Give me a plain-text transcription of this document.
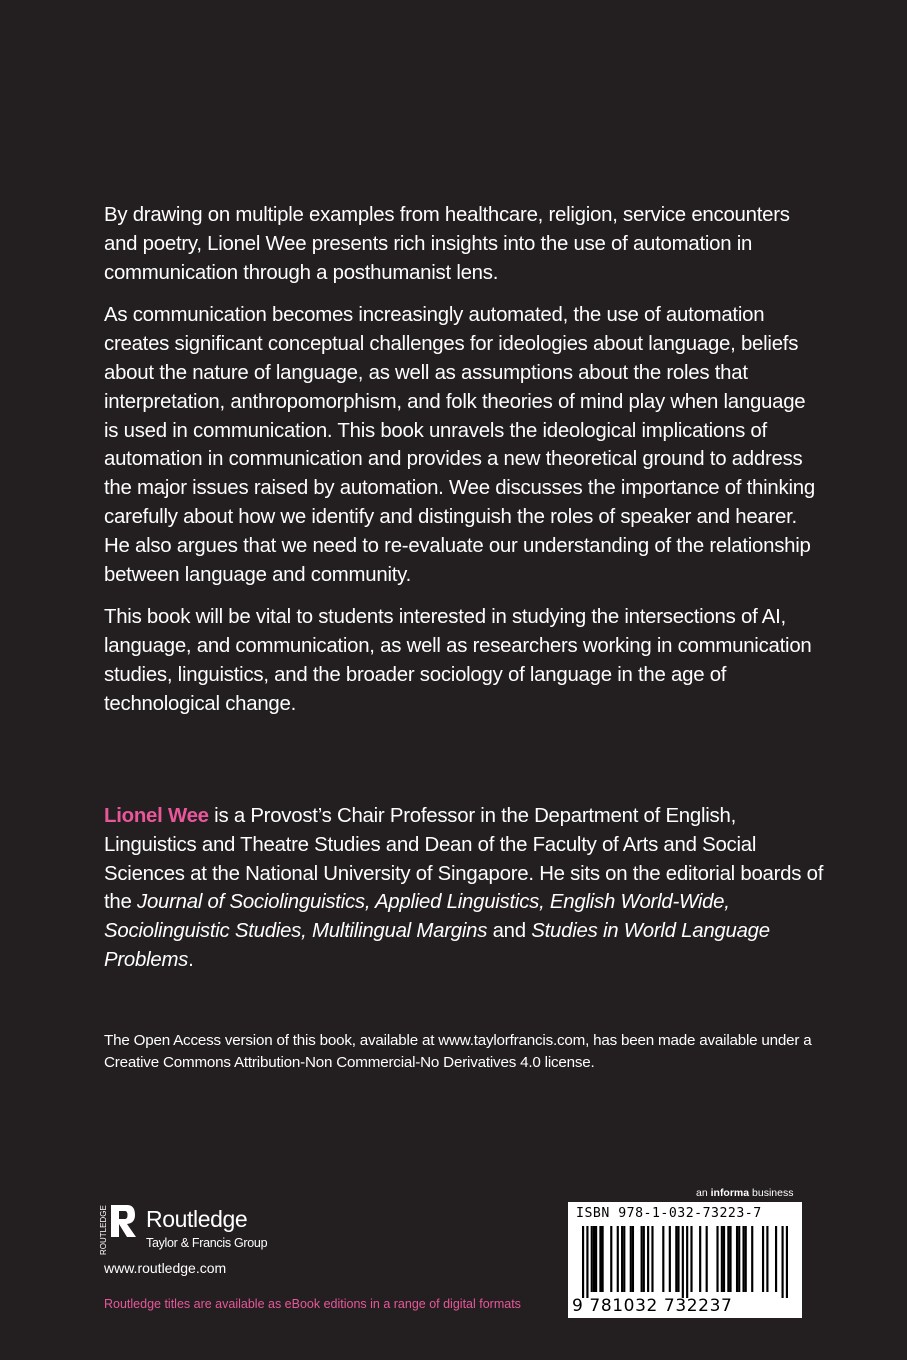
By drawing on multiple examples from healthcare, religion, service encounters and poetry, Lionel Wee presents rich insights into the use of automation in communication through a posthumanist lens.

As communication becomes increasingly automated, the use of automation creates significant conceptual challenges for ideologies about language, beliefs about the nature of language, as well as assumptions about the roles that interpretation, anthropomorphism, and folk theories of mind play when language is used in communication. This book unravels the ideological implications of automation in communication and provides a new theoretical ground to address the major issues raised by automation. Wee discusses the importance of thinking carefully about how we identify and distinguish the roles of speaker and hearer. He also argues that we need to re-evaluate our understanding of the relationship between language and community.

This book will be vital to students interested in studying the intersections of AI, language, and communication, as well as researchers working in communication studies, linguistics, and the broader sociology of language in the age of technological change.

Lionel Wee is a Provost’s Chair Professor in the Department of English, Linguistics and Theatre Studies and Dean of the Faculty of Arts and Social Sciences at the National University of Singapore. He sits on the editorial boards of the Journal of Sociolinguistics, Applied Linguistics, English World-Wide, Sociolinguistic Studies, Multilingual Margins and Studies in World Language Problems.
The Open Access version of this book, available at www.taylorfrancis.com, has been made available under a Creative Commons Attribution-Non Commercial-No Derivatives 4.0 license.
ROUTLEDGE Routledge
Taylor & Francis Group
www.routledge.com
Routledge titles are available as eBook editions in a range of digital formats
an informa business
ISBN 978-1-032-73223-7
9 781032 732237
